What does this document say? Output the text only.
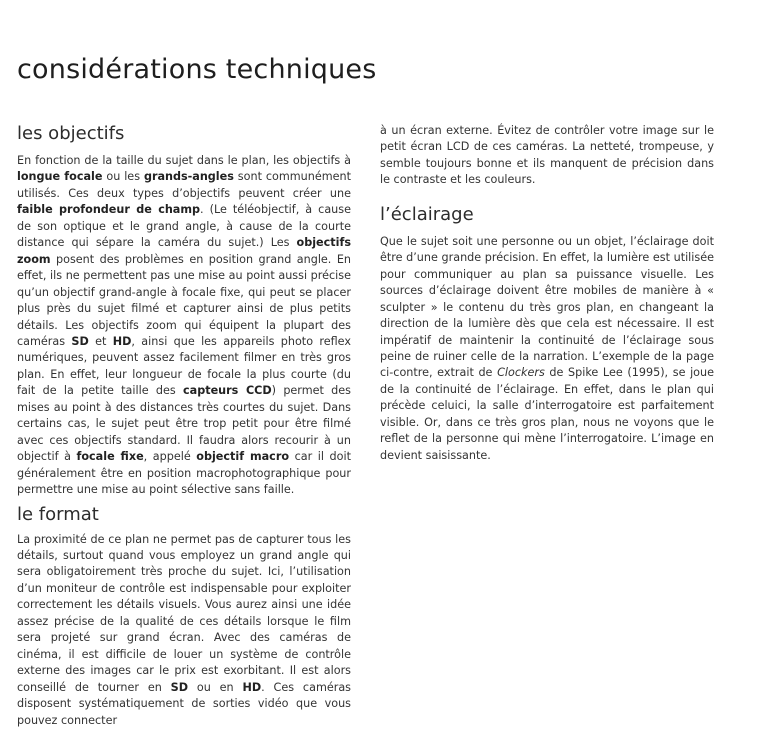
considérations techniques
les objectifs

En fonction de la taille du sujet dans le plan, les objectifs à longue focale ou les grands-angles sont communément utilisés. Ces deux types d’objectifs peuvent créer une faible profondeur de champ. (Le téléobjectif, à cause de son optique et le grand angle, à cause de la courte distance qui sépare la caméra du sujet.) Les objectifs zoom posent des problèmes en position grand angle. En effet, ils ne permettent pas une mise au point aussi précise qu’un objectif grand-angle à focale fixe, qui peut se placer plus près du sujet filmé et capturer ainsi de plus petits détails. Les objectifs zoom qui équipent la plupart des caméras SD et HD, ainsi que les appareils photo reflex numériques, peuvent assez facilement filmer en très gros plan. En effet, leur longueur de focale la plus courte (du fait de la petite taille des capteurs CCD) permet des mises au point à des distances très courtes du sujet. Dans certains cas, le sujet peut être trop petit pour être filmé avec ces objectifs standard. Il faudra alors recourir à un objectif à focale fixe, appelé objectif macro car il doit généralement être en position macrophotographique pour permettre une mise au point sélective sans faille.

le format

La proximité de ce plan ne permet pas de capturer tous les détails, surtout quand vous employez un grand angle qui sera obligatoirement très proche du sujet. Ici, l’utilisation d’un moniteur de contrôle est indispensable pour exploiter correctement les détails visuels. Vous aurez ainsi une idée assez précise de la qualité de ces détails lorsque le film sera projeté sur grand écran. Avec des caméras de cinéma, il est difficile de louer un système de contrôle externe des images car le prix est exorbitant. Il est alors conseillé de tourner en SD ou en HD. Ces caméras disposent systématiquement de sorties vidéo que vous pouvez connecter

à un écran externe. Évitez de contrôler votre image sur le petit écran LCD de ces caméras. La netteté, trompeuse, y semble toujours bonne et ils manquent de précision dans le contraste et les couleurs.

l’éclairage

Que le sujet soit une personne ou un objet, l’éclairage doit être d’une grande précision. En effet, la lumière est utilisée pour communiquer au plan sa puissance visuelle. Les sources d’éclairage doivent être mobiles de manière à « sculpter » le contenu du très gros plan, en changeant la direction de la lumière dès que cela est nécessaire. Il est impératif de maintenir la continuité de l’éclairage sous peine de ruiner celle de la narration. L’exemple de la page ci-contre, extrait de Clockers de Spike Lee (1995), se joue de la continuité de l’éclairage. En effet, dans le plan qui précède celuici, la salle d’interrogatoire est parfaitement visible. Or, dans ce très gros plan, nous ne voyons que le reflet de la personne qui mène l’interrogatoire. L’image en devient saisissante.
